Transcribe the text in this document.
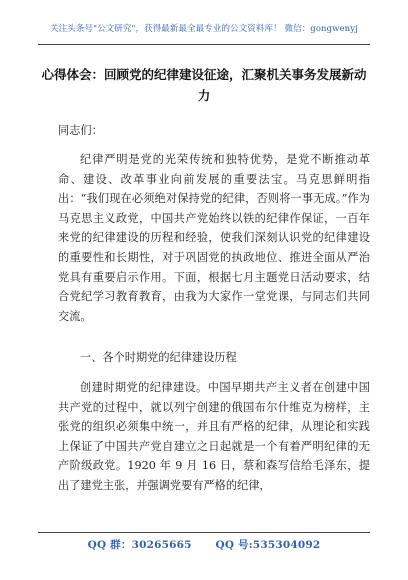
关注头条号"公文研究"，获得最新最全最专业的公文资料库！ 微信：gongwenyj
心得体会：回顾党的纪律建设征途，汇聚机关事务发展新动力
同志们：

纪律严明是党的光荣传统和独特优势，是党不断推动革命、建设、改革事业向前发展的重要法宝。马克思鲜明指出：“我们现在必须绝对保持党的纪律，否则将一事无成。”作为马克思主义政党，中国共产党始终以铁的纪律作保证，一百年来党的纪律建设的历程和经验，使我们深刻认识党的纪律建设的重要性和长期性，对于巩固党的执政地位、推进全面从严治党具有重要启示作用。下面，根据七月主题党日活动要求，结合党纪学习教育教育，由我为大家作一堂党课，与同志们共同交流。

一、各个时期党的纪律建设历程

创建时期党的纪律建设。中国早期共产主义者在创建中国共产党的过程中，就以列宁创建的俄国布尔什维克为榜样，主张党的组织必须集中统一，并且有严格的纪律，从理论和实践上保证了中国共产党自建立之日起就是一个有着严明纪律的无产阶级政党。1920 年 9 月 16 日，蔡和森写信给毛泽东，提出了建党主张，并强调党要有严格的纪律，

QQ 群：30265665 QQ 号:535304092
